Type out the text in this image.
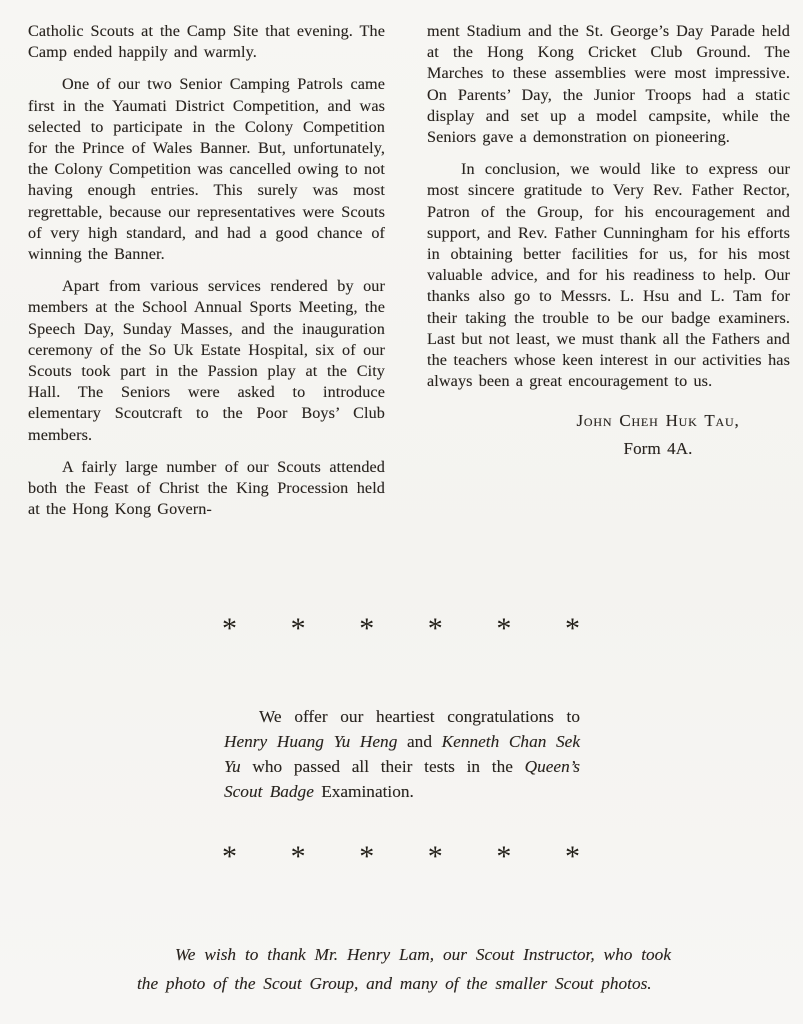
Catholic Scouts at the Camp Site that evening. The Camp ended happily and warmly.

One of our two Senior Camping Patrols came first in the Yaumati District Competition, and was selected to participate in the Colony Competition for the Prince of Wales Banner. But, unfortunately, the Colony Competition was cancelled owing to not having enough entries. This surely was most regrettable, because our representatives were Scouts of very high standard, and had a good chance of winning the Banner.

Apart from various services rendered by our members at the School Annual Sports Meeting, the Speech Day, Sunday Masses, and the inauguration ceremony of the So Uk Estate Hospital, six of our Scouts took part in the Passion play at the City Hall. The Seniors were asked to introduce elementary Scoutcraft to the Poor Boys’ Club members.

A fairly large number of our Scouts attended both the Feast of Christ the King Procession held at the Hong Kong Govern-

ment Stadium and the St. George’s Day Parade held at the Hong Kong Cricket Club Ground. The Marches to these assemblies were most impressive. On Parents’ Day, the Junior Troops had a static display and set up a model campsite, while the Seniors gave a demonstration on pioneering.

In conclusion, we would like to express our most sincere gratitude to Very Rev. Father Rector, Patron of the Group, for his encouragement and support, and Rev. Father Cunningham for his efforts in obtaining better facilities for us, for his most valuable advice, and for his readiness to help. Our thanks also go to Messrs. L. Hsu and L. Tam for their taking the trouble to be our badge examiners. Last but not least, we must thank all the Fathers and the teachers whose keen interest in our activities has always been a great encouragement to us.

John Cheh Huk Tau,
Form 4A.
* * * * * *

We offer our heartiest congratulations to Henry Huang Yu Heng and Kenneth Chan Sek Yu who passed all their tests in the Queen’s Scout Badge Examination.

* * * * * *

We wish to thank Mr. Henry Lam, our Scout Instructor, who took the photo of the Scout Group, and many of the smaller Scout photos.
